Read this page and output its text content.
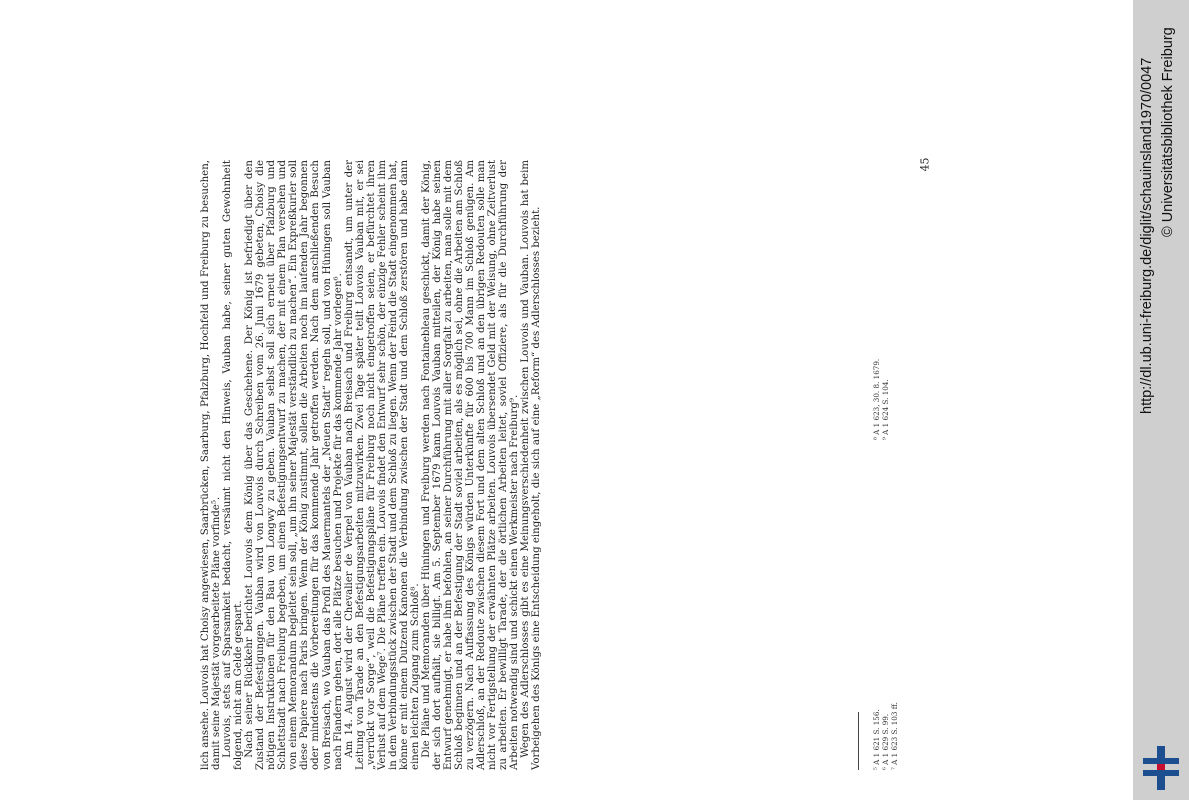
lich ansehe. Louvois hat Choisy angewiesen, Saarbrücken, Saarburg, Pfalzburg, Hochfeld und Freiburg zu besuchen, damit seine Majestät vorgearbeitete Pläne vorfinde⁵. Louvois, stets auf Sparsamkeit bedacht, versäumt nicht den Hinweis, Vauban habe, seiner guten Gewohnheit folgend, nicht am Gelde gespart. Nach seiner Rückkehr berichtet Louvois dem König über das Geschehene. Der König ist befriedigt über den Zustand der Befestigungen. Vauban wird von Louvois durch Schreiben vom 26. Juni 1679 gebeten, Choisy die nötigen Instruktionen für den Bau von Longwy zu geben. Vauban selbst soll sich erneut über Pfalzburg und Schlettstadt nach Freiburg begeben, um einen Befestigungsentwurf zu machen, der mit einem Plan versehen und von einem Memorandum begleitet sein soll, „um ihn seiner Majestät verständlich zu machen“. Ein Expreßkurier soll diese Papiere nach Paris bringen. Wenn der König zustimmt, sollen die Arbeiten noch im laufenden Jahr begonnen oder mindestens die Vorbereitungen für das kommende Jahr getroffen werden. Nach dem anschließenden Besuch von Breisach, wo Vauban das Profil des Mauermantels der „Neuen Stadt“ regeln soll, und von Hüningen soll Vauban nach Flandern gehen, dort alle Plätze besuchen und Projekte für das kommende Jahr vorlegen⁶. Am 14. August wird der Chevalier de Verpel von Vauban nach Breisach und Freiburg entsandt, um unter der Leitung von Tarade an den Befestigungsarbeiten mitzuwirken. Zwei Tage später teilt Louvois Vauban mit, er sei „verrückt vor Sorge“, weil die Befestigungspläne für Freiburg noch nicht eingetroffen seien, er befürchtet ihren Verlust auf dem Wege⁷. Die Pläne treffen ein. Louvois findet den Entwurf sehr schön, der einzige Fehler scheint ihm in dem Verbindungsstück zwischen der Stadt und dem Schloß zu liegen. Wenn der Feind die Stadt eingenommen hat, könne er mit einem Dutzend Kanonen die Verbindung zwischen der Stadt und dem Schloß zerstören und habe dann einen leichten Zugang zum Schloß⁸. Die Pläne und Memoranden über Hüningen und Freiburg werden nach Fontainebleau geschickt, damit der König, der sich dort aufhält, sie billigt. Am 5. September 1679 kann Louvois Vauban mitteilen, der König habe seinen Entwurf genehmigt, er habe ihm befohlen, an seiner Durchführung mit aller Sorgfalt zu arbeiten, man solle mit dem Schloß beginnen und an der Befestigung der Stadt soviel arbeiten, als es möglich sei, ohne die Arbeiten am Schloß zu verzögern. Nach Auffassung des Königs würden Unterkünfte für 600 bis 700 Mann im Schloß genügen. Am Adlerschloß, an der Redoute zwischen diesem Fort und dem alten Schloß und an den übrigen Redouten solle man nicht vor Fertigstellung der erwähnten Plätze arbeiten. Louvois übersendet Geld mit der Weisung, ohne Zeitverlust zu arbeiten. Er bewilligt Tarade, der die örtlichen Arbeiten leitet, soviel Offiziere, als für die Durchführung der Arbeiten notwendig sind und schickt einen Werkmeister nach Freiburg⁹. Wegen des Adlerschlosses gibt es eine Meinungsverschiedenheit zwischen Louvois und Vauban. Louvois hat beim Vorbeigehen des Königs eine Entscheidung eingeholt, die sich auf eine „Reform“ des Adlerschlosses bezieht.	⁵ A 1 621 S. 156. ⁶ A 1 629 S. 99. ⁷ A 1 623 S. 103 ff.
⁸ A 1 623, 30. 8. 1679. ⁹ A 1 624 S. 104.
45	http://dl.ub.uni-freiburg.de/diglit/schauinsland1970/0047 © Universitätsbibliothek Freiburg
